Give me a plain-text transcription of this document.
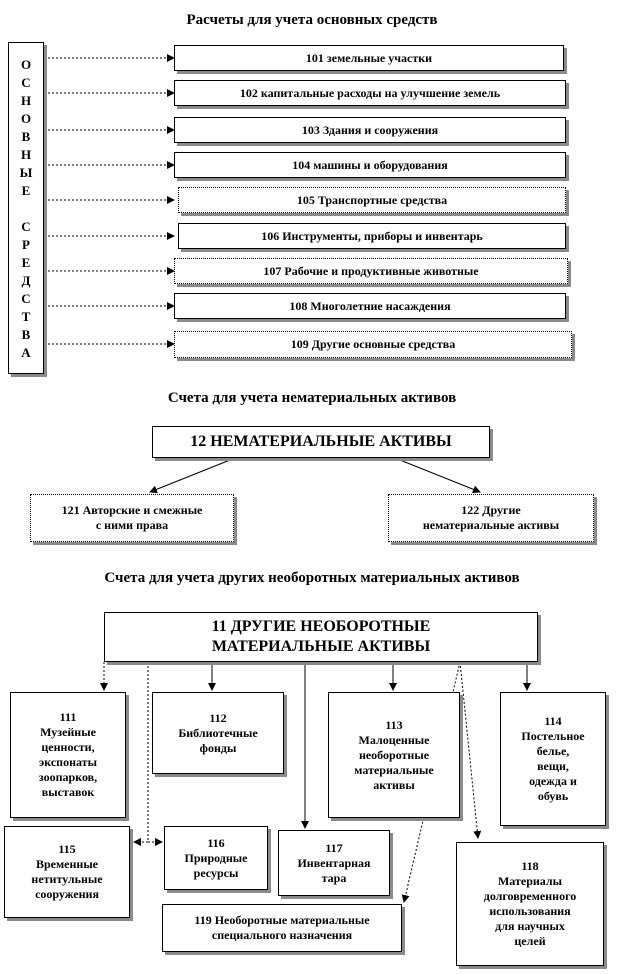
Расчеты для учета основных средств
О
С
Н
О
В
Н
Ы
Е
С
Р
Е
Д
С
Т
В
А
101 земельные участки
102 капитальные расходы на улучшение земель
103 Здания и сооружения
104 машины и оборудования
105 Транспортные средства
106 Инструменты, приборы и инвентарь
107 Рабочие и продуктивные животные
108 Многолетние насаждения
109 Другие основные средства
Счета для учета нематериальных активов
12 НЕМАТЕРИАЛЬНЫЕ АКТИВЫ
121 Авторские и смежные
с ними права
122 Другие
нематериальные активы
Счета для учета других необоротных материальных активов
11 ДРУГИЕ НЕОБОРОТНЫЕ
МАТЕРИАЛЬНЫЕ АКТИВЫ
111
Музейные
ценности,
экспонаты
зоопарков,
выставок
112
Библиотечные
фонды
113
Малоценные
необоротные
материальные
активы
114
Постельное
белье,
вещи,
одежда и
обувь
115
Временные
нетитульные
сооружения
116
Природные
ресурсы
117
Инвентарная
тара
118
Материалы
долговременного
использования
для научных
целей
119 Необоротные материальные
специального назначения
